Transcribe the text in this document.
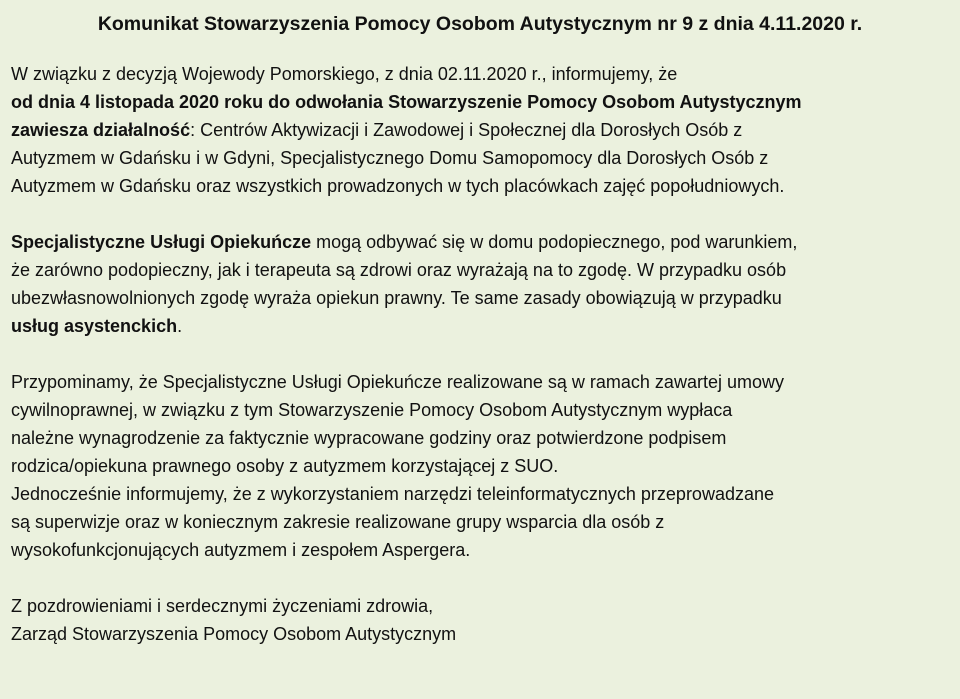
Komunikat Stowarzyszenia Pomocy Osobom Autystycznym nr 9 z dnia 4.11.2020 r.
W związku z decyzją Wojewody Pomorskiego, z dnia 02.11.2020 r., informujemy, że
od dnia 4 listopada 2020 roku do odwołania Stowarzyszenie Pomocy Osobom Autystycznym
zawiesza działalność: Centrów Aktywizacji i Zawodowej i Społecznej dla Dorosłych Osób z
Autyzmem w Gdańsku i w Gdyni, Specjalistycznego Domu Samopomocy dla Dorosłych Osób z
Autyzmem w Gdańsku oraz wszystkich prowadzonych w tych placówkach zajęć popołudniowych.
Specjalistyczne Usługi Opiekuńcze mogą odbywać się w domu podopiecznego, pod warunkiem,
że zarówno podopieczny, jak i terapeuta są zdrowi oraz wyrażają na to zgodę. W przypadku osób
ubezwłasnowolnionych zgodę wyraża opiekun prawny. Te same zasady obowiązują w przypadku
usług asystenckich.
Przypominamy, że Specjalistyczne Usługi Opiekuńcze realizowane są w ramach zawartej umowy
cywilnoprawnej, w związku z tym Stowarzyszenie Pomocy Osobom Autystycznym wypłaca
należne wynagrodzenie za faktycznie wypracowane godziny oraz potwierdzone podpisem
rodzica/opiekuna prawnego osoby z autyzmem korzystającej z SUO.
Jednocześnie informujemy, że z wykorzystaniem narzędzi teleinformatycznych przeprowadzane
są superwizje oraz w koniecznym zakresie realizowane grupy wsparcia dla osób z
wysokofunkcjonujących autyzmem i zespołem Aspergera.
Z pozdrowieniami i serdecznymi życzeniami zdrowia,
Zarząd Stowarzyszenia Pomocy Osobom Autystycznym
